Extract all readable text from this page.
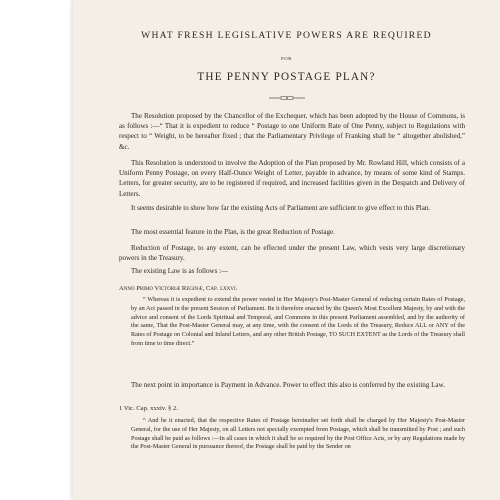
WHAT FRESH LEGISLATIVE POWERS ARE REQUIRED
FOR
THE PENNY POSTAGE PLAN?

The Resolution proposed by the Chancellor of the Exchequer, which has been adopted by the House of Commons, is as follows :—“ That it is expedient to reduce “ Postage to one Uniform Rate of One Penny, subject to Regulations with respect to “ Weight, to be hereafter fixed ; that the Parliamentary Privilege of Franking shall be “ altogether abolished,” &c.

This Resolution is understood to involve the Adoption of the Plan proposed by Mr. Rowland Hill, which consists of a Uniform Penny Postage, on every Half-Ounce Weight of Letter, payable in advance, by means of some kind of Stamps. Letters, for greater security, are to be registered if required, and increased facilities given in the Despatch and Delivery of Letters.

It seems desirable to show how far the existing Acts of Parliament are sufficient to give effect to this Plan.

The most essential feature in the Plan, is the great Reduction of Postage.

Reduction of Postage, to any extent, can be effected under the present Law, which vests very large discretionary powers in the Treasury.

The existing Law is as follows :—

Anno Primo Victoriæ Reginæ, Cap. lxxvi.

“ Whereas it is expedient to extend the power vested in Her Majesty's Post-Master General of reducing certain Rates of Postage, by an Act passed in the present Session of Parliament. Be it therefore enacted by the Queen's Most Excellent Majesty, by and with the advice and consent of the Lords Spiritual and Temporal, and Commons in this present Parliament assembled, and by the authority of the same, That the Post-Master General may, at any time, with the consent of the Lords of the Treasury, Reduce ALL or ANY of the Rates of Postage on Colonial and Inland Letters, and any other British Postage, TO SUCH EXTENT as the Lords of the Treasury shall from time to time direct.”

The next point in importance is Payment in Advance. Power to effect this also is conferred by the existing Law.

1 Vic. Cap. xxxiv. § 2.

“ And be it enacted, that the respective Rates of Postage hereinafter set forth shall be charged by Her Majesty's Post-Master General, for the use of Her Majesty, on all Letters not specially exempted from Postage, which shall be transmitted by Post ; and such Postage shall be paid as follows :—In all cases in which it shall be so required by the Post Office Acts, or by any Regulations made by the Post-Master General in pursuance thereof, the Postage shall be paid by the Sender on
